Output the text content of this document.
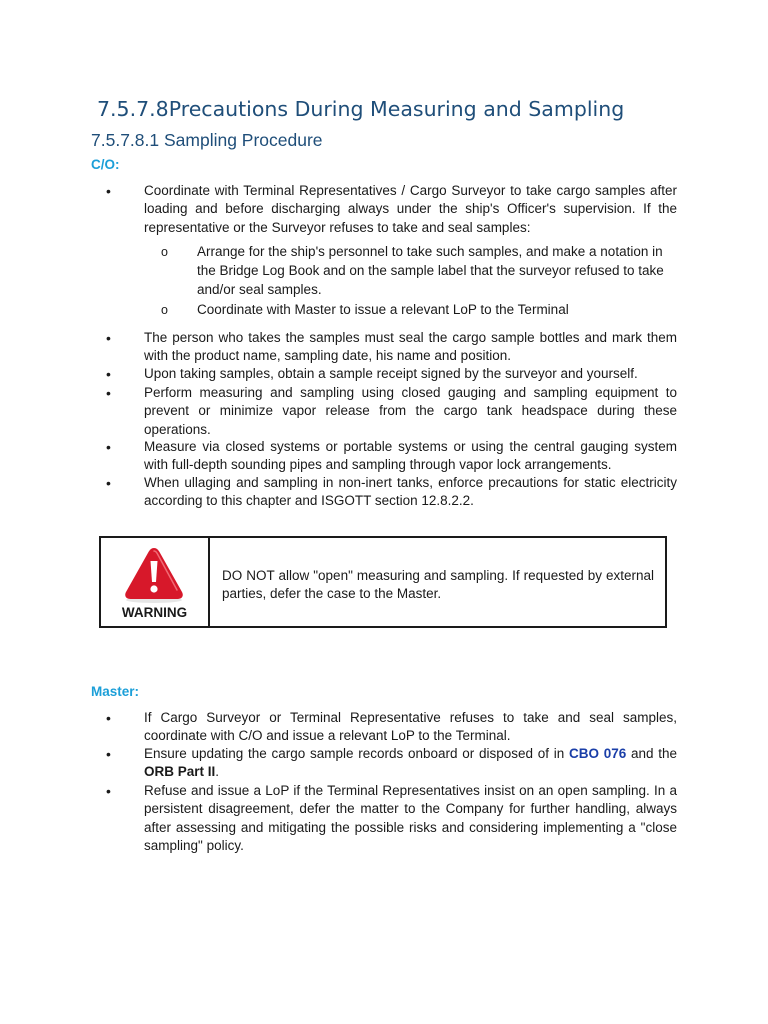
7.5.7.8Precautions During Measuring and Sampling
7.5.7.8.1 Sampling Procedure
C/O:
• Coordinate with Terminal Representatives / Cargo Surveyor to take cargo samples after loading and before discharging always under the ship's Officer's supervision. If the representative or the Surveyor refuses to take and seal samples:

o Arrange for the ship's personnel to take such samples, and make a notation in the Bridge Log Book and on the sample label that the surveyor refused to take and/or seal samples.

o Coordinate with Master to issue a relevant LoP to the Terminal

• The person who takes the samples must seal the cargo sample bottles and mark them with the product name, sampling date, his name and position.

• Upon taking samples, obtain a sample receipt signed by the surveyor and yourself.

• Perform measuring and sampling using closed gauging and sampling equipment to prevent or minimize vapor release from the cargo tank headspace during these operations.

• Measure via closed systems or portable systems or using the central gauging system with full-depth sounding pipes and sampling through vapor lock arrangements.

• When ullaging and sampling in non-inert tanks, enforce precautions for static electricity according to this chapter and ISGOTT section 12.8.2.2.

WARNING
DO NOT allow "open" measuring and sampling. If requested by external parties, defer the case to the Master.
Master:
• If Cargo Surveyor or Terminal Representative refuses to take and seal samples, coordinate with C/O and issue a relevant LoP to the Terminal.

• Ensure updating the cargo sample records onboard or disposed of in CBO 076 and the ORB Part II.

• Refuse and issue a LoP if the Terminal Representatives insist on an open sampling. In a persistent disagreement, defer the matter to the Company for further handling, always after assessing and mitigating the possible risks and considering implementing a "close sampling" policy.
